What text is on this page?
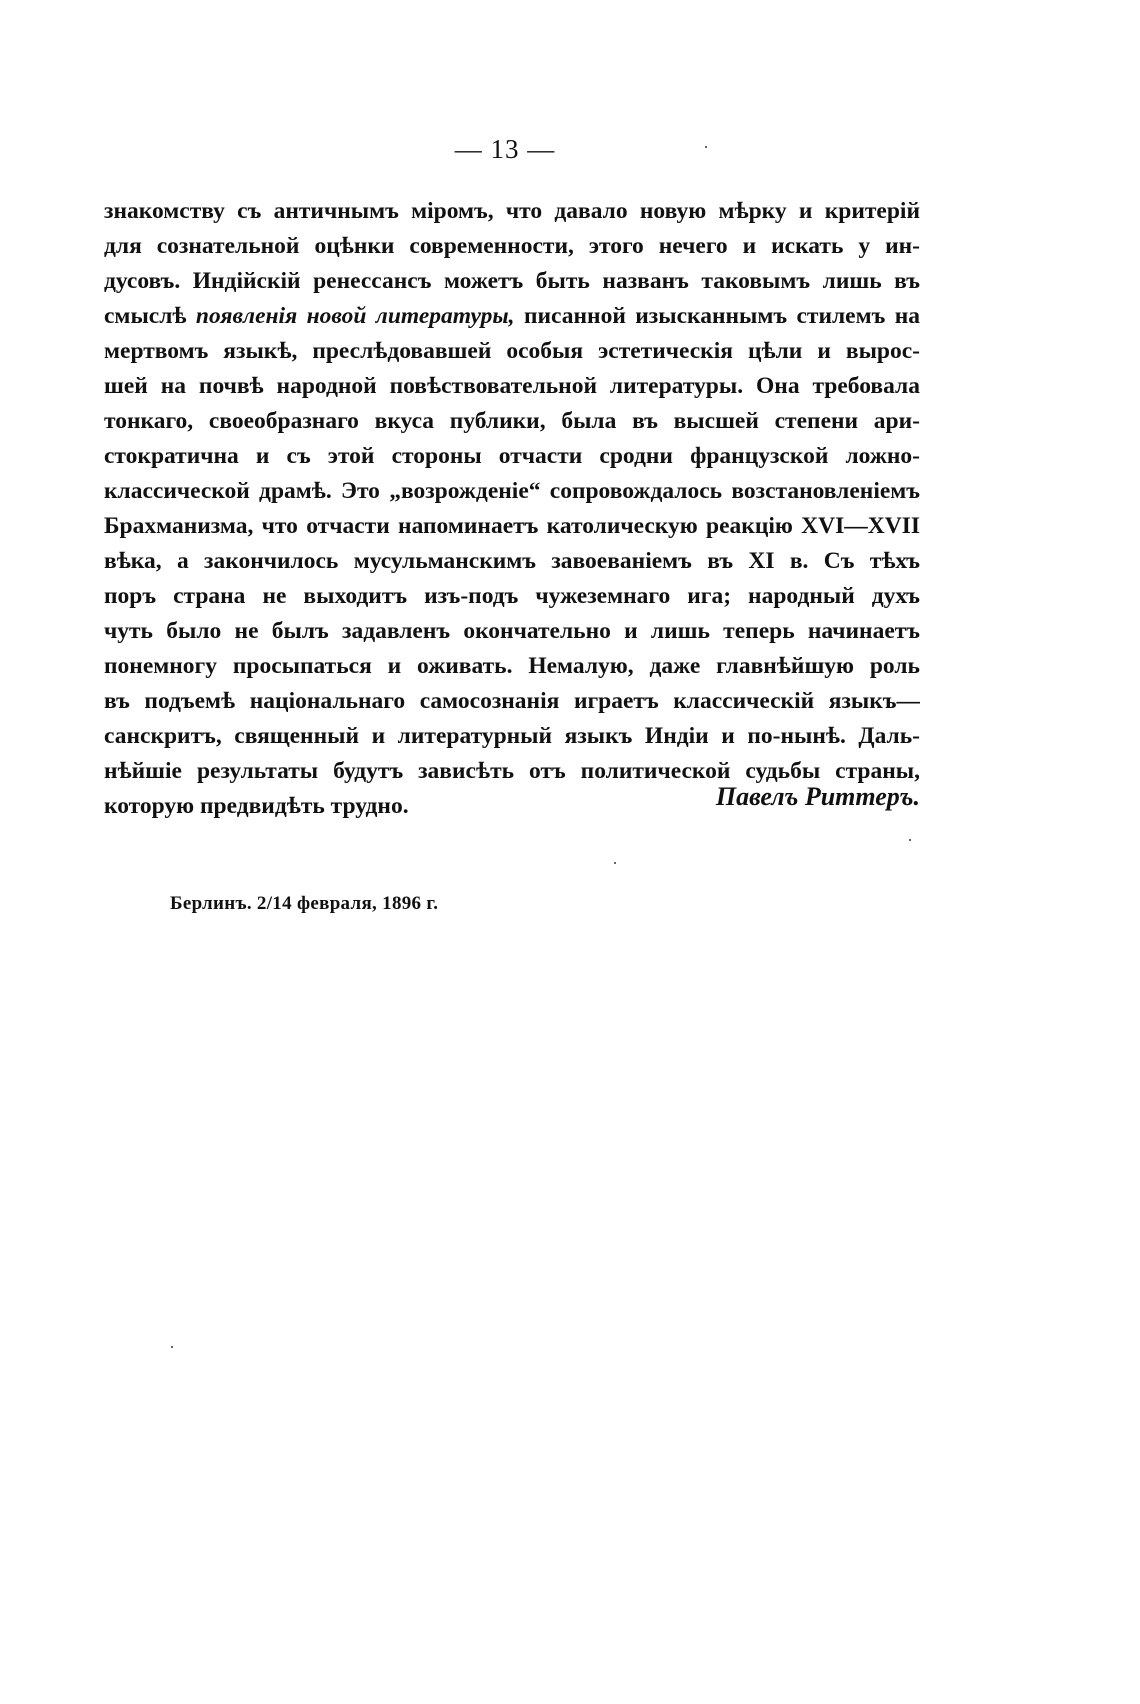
— 13 —
знакомству съ античнымъ міромъ, что давало новую мѣрку и критерій
для сознательной оцѣнки современности, этого нечего и искать у ин-
дусовъ. Индійскій ренессансъ можетъ быть названъ таковымъ лишь въ
смыслѣ появленія новой литературы, писанной изысканнымъ стилемъ на
мертвомъ языкѣ, преслѣдовавшей особыя эстетическія цѣли и вырос-
шей на почвѣ народной повѣствовательной литературы. Она требовала
тонкаго, своеобразнаго вкуса публики, была въ высшей степени ари-
стократична и съ этой стороны отчасти сродни французской ложно-
классической драмѣ. Это „возрожденіе“ сопровождалось возстановленіемъ
Брахманизма, что отчасти напоминаетъ католическую реакцію XVI—XVII
вѣка, а закончилось мусульманскимъ завоеваніемъ въ XI в. Съ тѣхъ
поръ страна не выходитъ изъ-подъ чужеземнаго ига; народный духъ
чуть было не былъ задавленъ окончательно и лишь теперь начинаетъ
понемногу просыпаться и оживать. Немалую, даже главнѣйшую роль
въ подъемѣ національнаго самосознанія играетъ классическій языкъ—
санскритъ, священный и литературный языкъ Индіи и по-нынѣ. Даль-
нѣйшіе результаты будутъ зависѣть отъ политической судьбы страны,
которую предвидѣть трудно.	Павелъ Риттеръ.
Берлинъ. 2/14 февраля, 1896 г.
